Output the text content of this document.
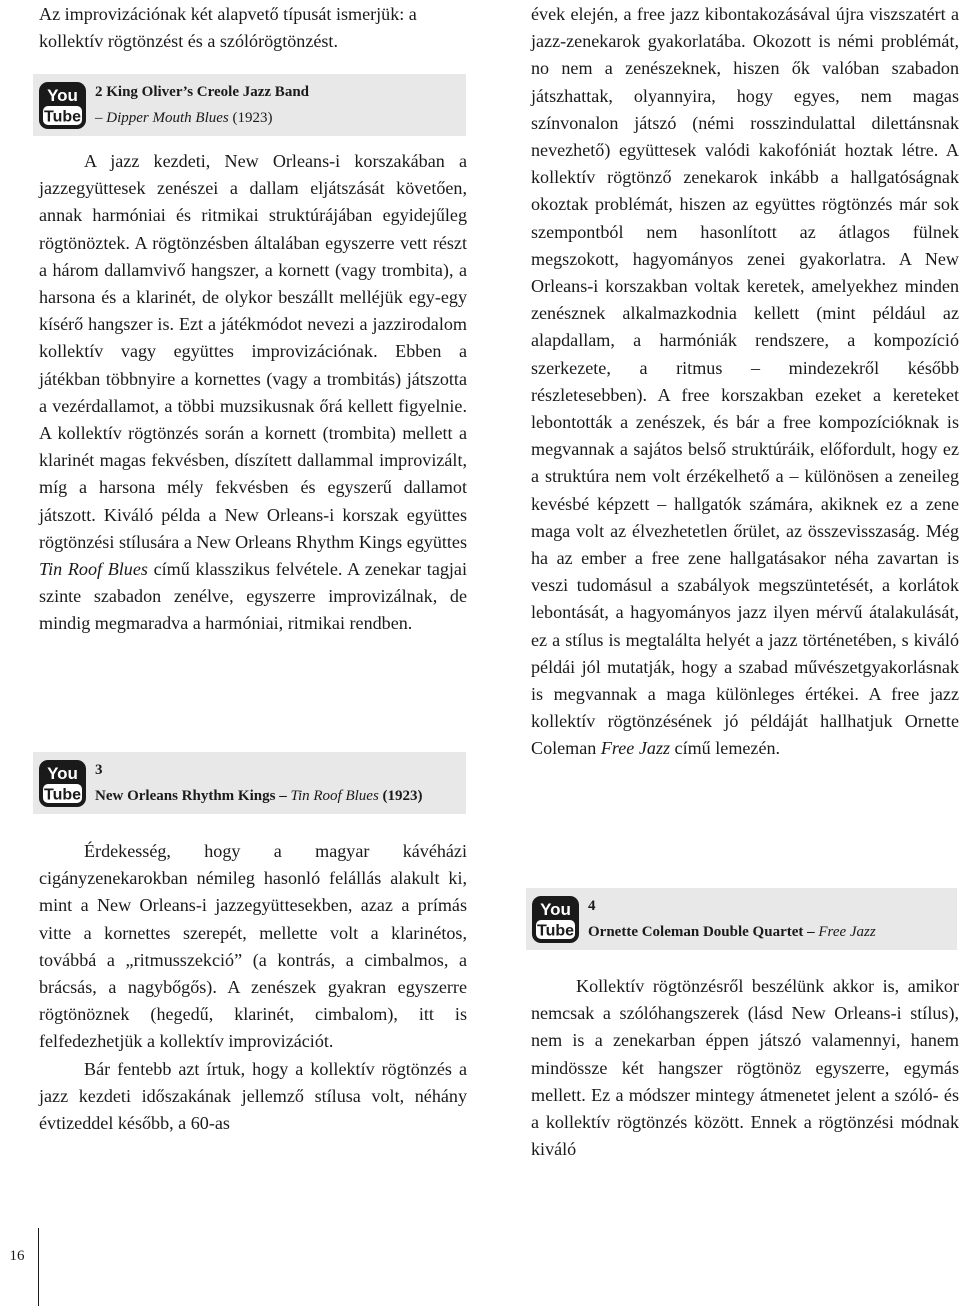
Az improvizációnak két alapvető típusát ismerjük: a kollektív rögtönzést és a szólórögtönzést.

You
Tube
2 King Oliver’s Creole Jazz Band
– Dipper Mouth Blues (1923)

A jazz kezdeti, New Orleans-i korszakában a jazzegyüttesek zenészei a dallam eljátszását követően, annak harmóniai és ritmikai struktúrájában egyidejűleg rögtönöztek. A rögtönzésben általában egyszerre vett részt a három dallamvivő hangszer, a kornett (vagy trombita), a harsona és a klarinét, de olykor beszállt melléjük egy-egy kísérő hangszer is. Ezt a játékmódot nevezi a jazzirodalom kollektív vagy együttes improvizációnak. Ebben a játékban többnyire a kornettes (vagy a trombitás) játszotta a vezérdallamot, a többi muzsikusnak őrá kellett figyelnie. A kollektív rögtönzés során a kornett (trombita) mellett a klarinét magas fekvésben, díszített dallammal improvizált, míg a harsona mély fekvésben és egyszerű dallamot játszott. Kiváló példa a New Orleans-i korszak együttes rögtönzési stílusára a New Orleans Rhythm Kings együttes Tin Roof Blues című klasszikus felvétele. A zenekar tagjai szinte szabadon zenélve, egyszerre improvizálnak, de mindig megmaradva a harmóniai, ritmikai rendben.

You
Tube
3
New Orleans Rhythm Kings – Tin Roof Blues (1923)

Érdekesség, hogy a magyar kávéházi cigányzenekarokban némileg hasonló felállás alakult ki, mint a New Orleans-i jazzegyüttesekben, azaz a prímás vitte a kornettes szerepét, mellette volt a klarinétos, továbbá a „ritmusszekció” (a kontrás, a cimbalmos, a brácsás, a nagybőgős). A zenészek gyakran egyszerre rögtönöznek (hegedű, klarinét, cimbalom), itt is felfedezhetjük a kollektív improvizációt.

Bár fentebb azt írtuk, hogy a kollektív rögtönzés a jazz kezdeti időszakának jellemző stílusa volt, néhány évtizeddel később, a 60-as

évek elején, a free jazz kibontakozásával újra viszszatért a jazz-zenekarok gyakorlatába. Okozott is némi problémát, no nem a zenészeknek, hiszen ők valóban szabadon játszhattak, olyannyira, hogy egyes, nem magas színvonalon játszó (némi rosszindulattal dilettánsnak nevezhető) együttesek valódi kakofóniát hoztak létre. A kollektív rögtönző zenekarok inkább a hallgatóságnak okoztak problémát, hiszen az együttes rögtönzés már sok szempontból nem hasonlított az átlagos fülnek megszokott, hagyományos zenei gyakorlatra. A New Orleans-i korszakban voltak keretek, amelyekhez minden zenésznek alkalmazkodnia kellett (mint például az alapdallam, a harmóniák rendszere, a kompozíció szerkezete, a ritmus – mindezekről később részletesebben). A free korszakban ezeket a kereteket lebontották a zenészek, és bár a free kompozícióknak is megvannak a sajátos belső struktúráik, előfordult, hogy ez a struktúra nem volt érzékelhető a – különösen a zeneileg kevésbé képzett – hallgatók számára, akiknek ez a zene maga volt az élvezhetetlen őrület, az összevisszaság. Még ha az ember a free zene hallgatásakor néha zavartan is veszi tudomásul a szabályok megszüntetését, a korlátok lebontását, a hagyományos jazz ilyen mérvű átalakulását, ez a stílus is megtalálta helyét a jazz történetében, s kiváló példái jól mutatják, hogy a szabad művészetgyakorlásnak is megvannak a maga különleges értékei. A free jazz kollektív rögtönzésének jó példáját hallhatjuk Ornette Coleman Free Jazz című lemezén.

You
Tube
4
Ornette Coleman Double Quartet – Free Jazz

Kollektív rögtönzésről beszélünk akkor is, amikor nemcsak a szólóhangszerek (lásd New Orleans-i stílus), nem is a zenekarban éppen játszó valamennyi, hanem mindössze két hangszer rögtönöz egyszerre, egymás mellett. Ez a módszer mintegy átmenetet jelent a szóló- és a kollektív rögtönzés között. Ennek a rögtönzési módnak kiváló

16
